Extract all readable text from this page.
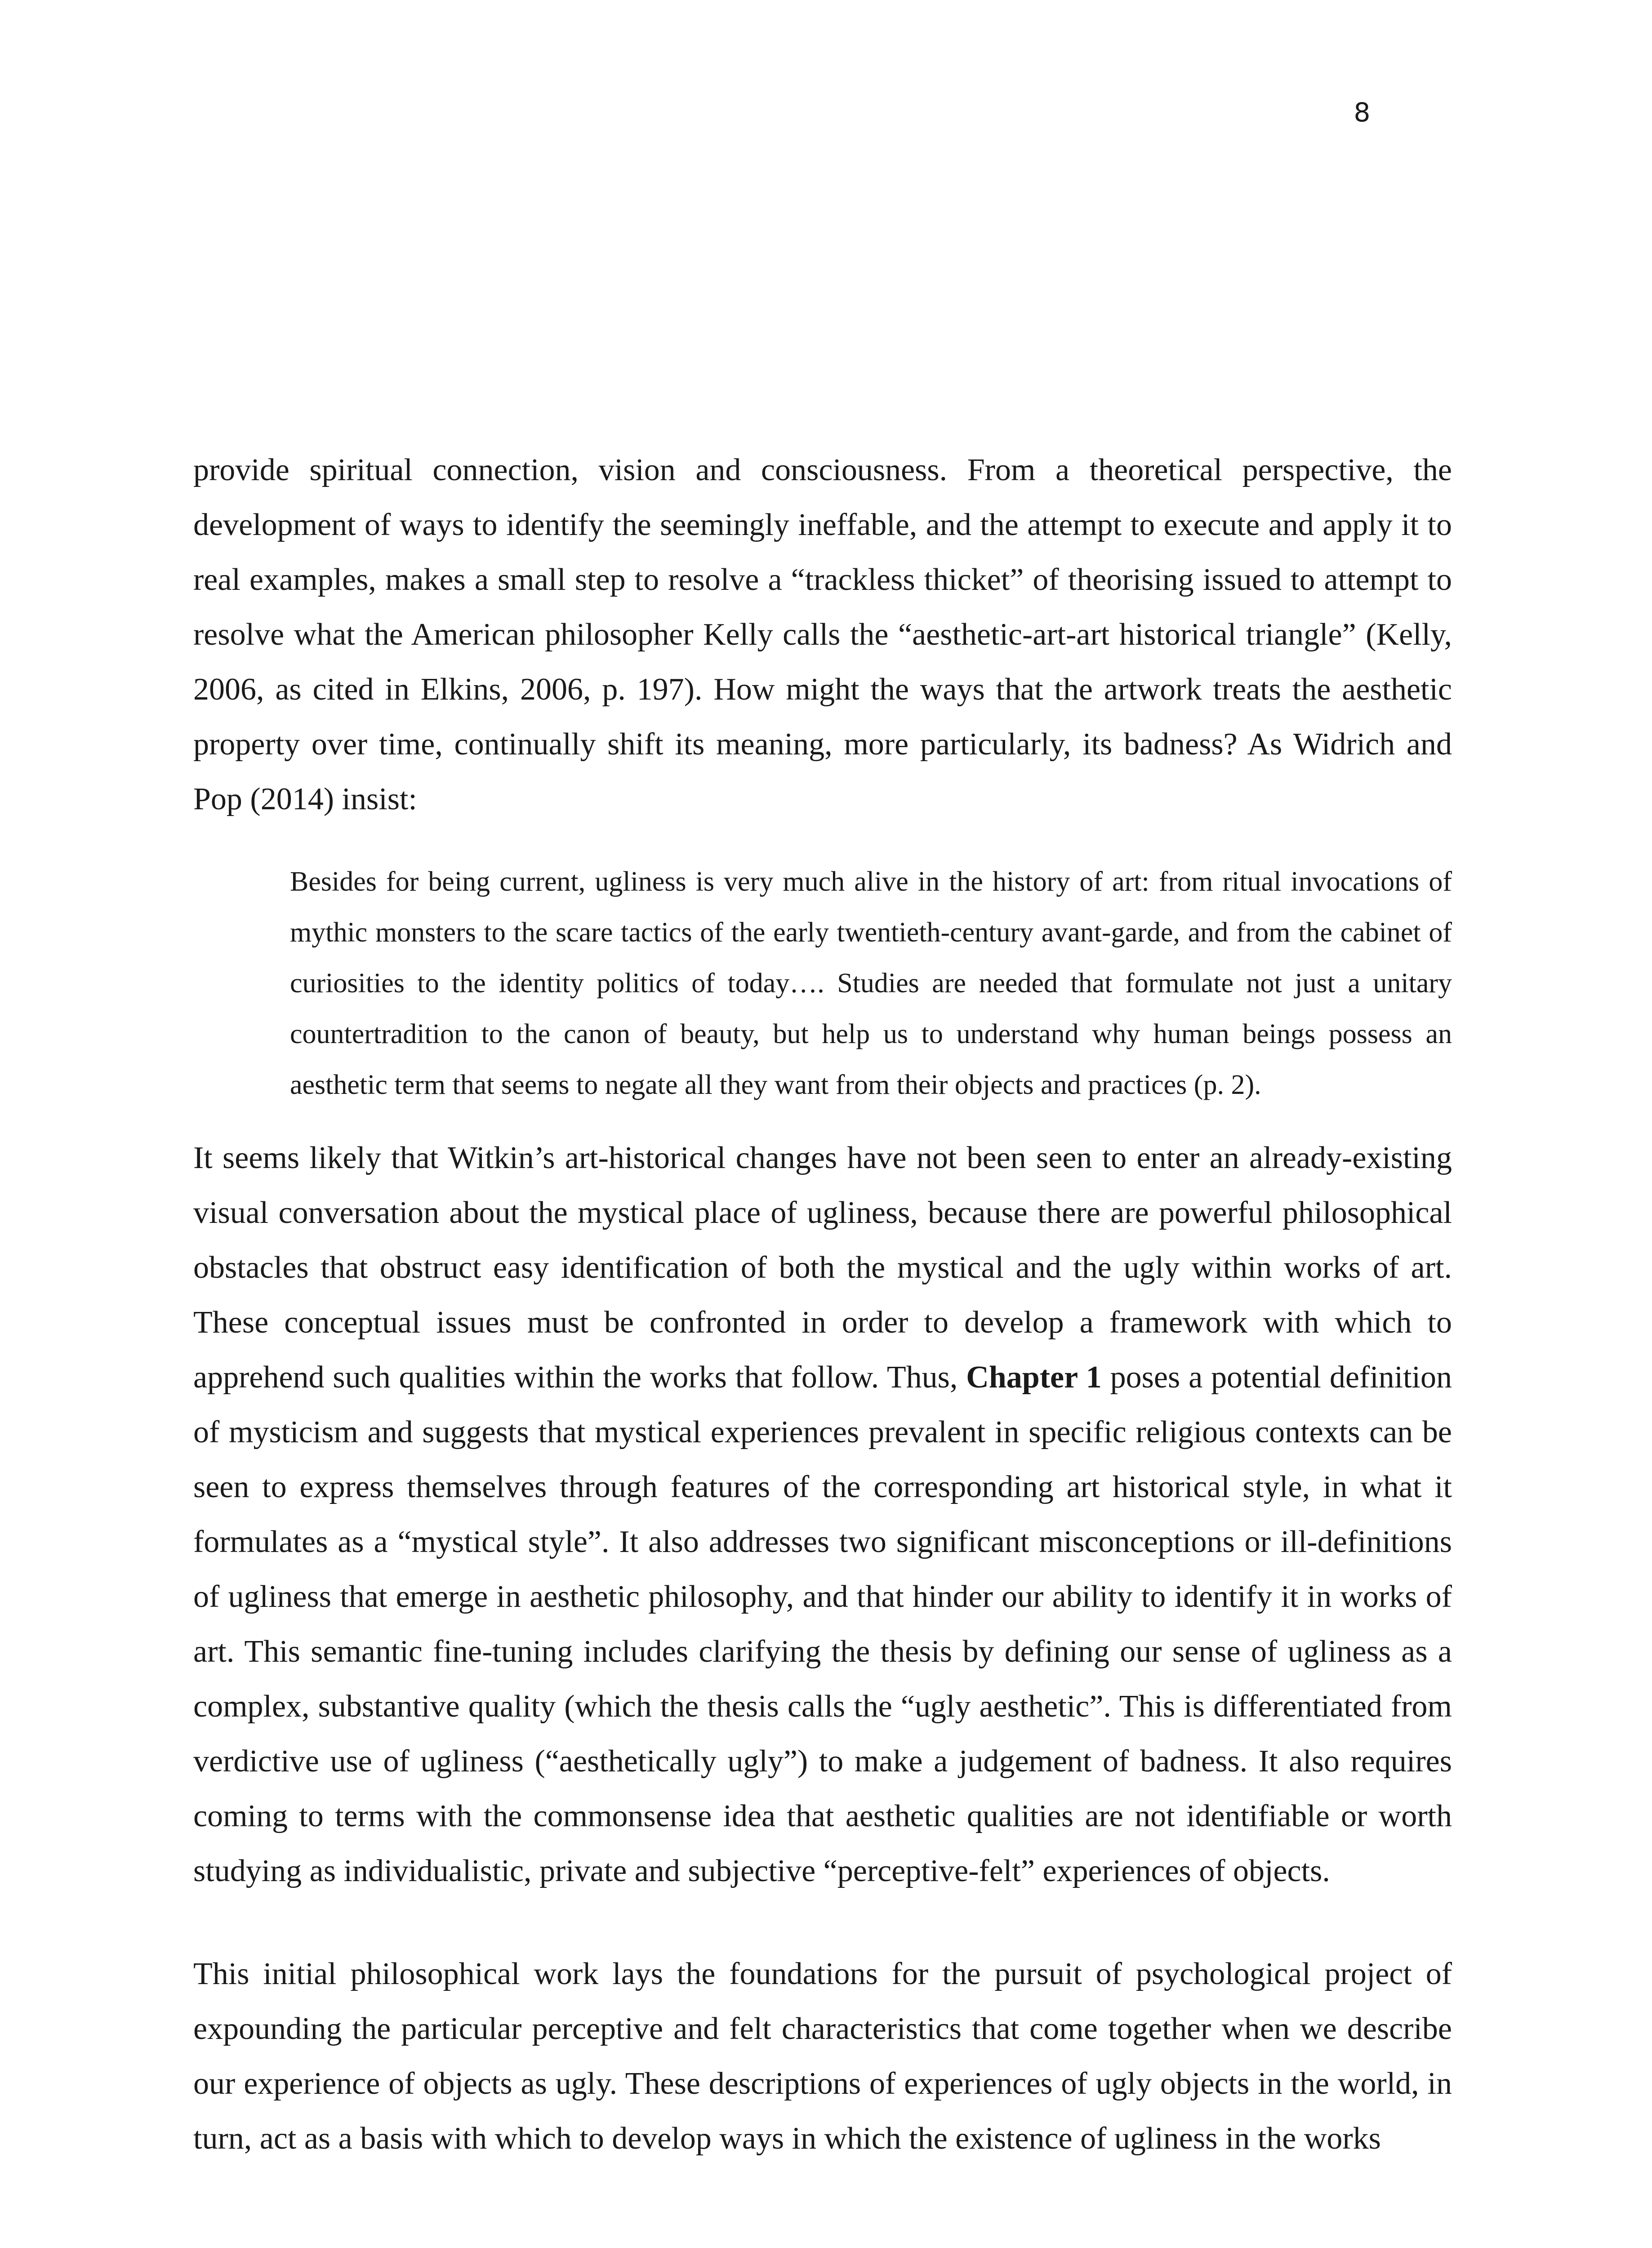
8

provide spiritual connection, vision and consciousness. From a theoretical perspective, the development of ways to identify the seemingly ineffable, and the attempt to execute and apply it to real examples, makes a small step to resolve a “trackless thicket” of theorising issued to attempt to resolve what the American philosopher Kelly calls the “aesthetic-art-art historical triangle” (Kelly, 2006, as cited in Elkins, 2006, p. 197). How might the ways that the artwork treats the aesthetic property over time, continually shift its meaning, more particularly, its badness? As Widrich and Pop (2014) insist:

Besides for being current, ugliness is very much alive in the history of art: from ritual invocations of mythic monsters to the scare tactics of the early twentieth-century avant-garde, and from the cabinet of curiosities to the identity politics of today…. Studies are needed that formulate not just a unitary countertradition to the canon of beauty, but help us to understand why human beings possess an aesthetic term that seems to negate all they want from their objects and practices (p. 2).

It seems likely that Witkin’s art-historical changes have not been seen to enter an already-existing visual conversation about the mystical place of ugliness, because there are powerful philosophical obstacles that obstruct easy identification of both the mystical and the ugly within works of art. These conceptual issues must be confronted in order to develop a framework with which to apprehend such qualities within the works that follow. Thus, Chapter 1 poses a potential definition of mysticism and suggests that mystical experiences prevalent in specific religious contexts can be seen to express themselves through features of the corresponding art historical style, in what it formulates as a “mystical style”. It also addresses two significant misconceptions or ill-definitions of ugliness that emerge in aesthetic philosophy, and that hinder our ability to identify it in works of art. This semantic fine-tuning includes clarifying the thesis by defining our sense of ugliness as a complex, substantive quality (which the thesis calls the “ugly aesthetic”. This is differentiated from verdictive use of ugliness (“aesthetically ugly”) to make a judgement of badness. It also requires coming to terms with the commonsense idea that aesthetic qualities are not identifiable or worth studying as individualistic, private and subjective “perceptive-felt” experiences of objects.

This initial philosophical work lays the foundations for the pursuit of psychological project of expounding the particular perceptive and felt characteristics that come together when we describe our experience of objects as ugly. These descriptions of experiences of ugly objects in the world, in turn, act as a basis with which to develop ways in which the existence of ugliness in the works
